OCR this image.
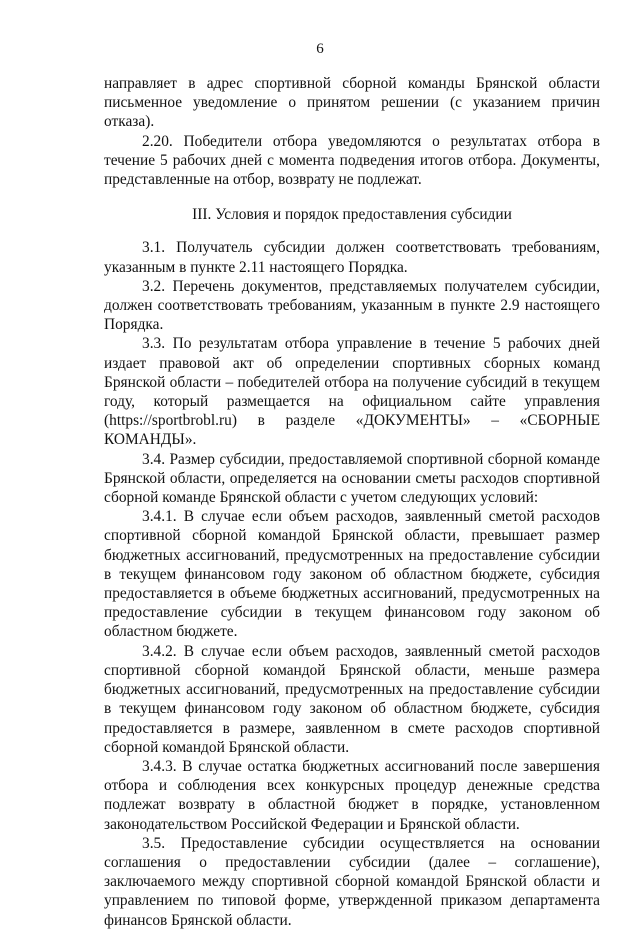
6

направляет в адрес спортивной сборной команды Брянской области письменное уведомление о принятом решении (с указанием причин отказа).

2.20. Победители отбора уведомляются о результатах отбора в течение 5 рабочих дней с момента подведения итогов отбора. Документы, представленные на отбор, возврату не подлежат.

III. Условия и порядок предоставления субсидии

3.1. Получатель субсидии должен соответствовать требованиям, указанным в пункте 2.11 настоящего Порядка.

3.2. Перечень документов, представляемых получателем субсидии, должен соответствовать требованиям, указанным в пункте 2.9 настоящего Порядка.

3.3. По результатам отбора управление в течение 5 рабочих дней издает правовой акт об определении спортивных сборных команд Брянской области – победителей отбора на получение субсидий в текущем году, который размещается на официальном сайте управления (https://sportbrobl.ru) в разделе «ДОКУМЕНТЫ» – «СБОРНЫЕ КОМАНДЫ».

3.4. Размер субсидии, предоставляемой спортивной сборной команде Брянской области, определяется на основании сметы расходов спортивной сборной команде Брянской области с учетом следующих условий:

3.4.1. В случае если объем расходов, заявленный сметой расходов спортивной сборной командой Брянской области, превышает размер бюджетных ассигнований, предусмотренных на предоставление субсидии в текущем финансовом году законом об областном бюджете, субсидия предоставляется в объеме бюджетных ассигнований, предусмотренных на предоставление субсидии в текущем финансовом году законом об областном бюджете.

3.4.2. В случае если объем расходов, заявленный сметой расходов спортивной сборной командой Брянской области, меньше размера бюджетных ассигнований, предусмотренных на предоставление субсидии в текущем финансовом году законом об областном бюджете, субсидия предоставляется в размере, заявленном в смете расходов спортивной сборной командой Брянской области.

3.4.3. В случае остатка бюджетных ассигнований после завершения отбора и соблюдения всех конкурсных процедур денежные средства подлежат возврату в областной бюджет в порядке, установленном законодательством Российской Федерации и Брянской области.

3.5. Предоставление субсидии осуществляется на основании соглашения о предоставлении субсидии (далее – соглашение), заключаемого между спортивной сборной командой Брянской области и управлением по типовой форме, утвержденной приказом департамента финансов Брянской области.
